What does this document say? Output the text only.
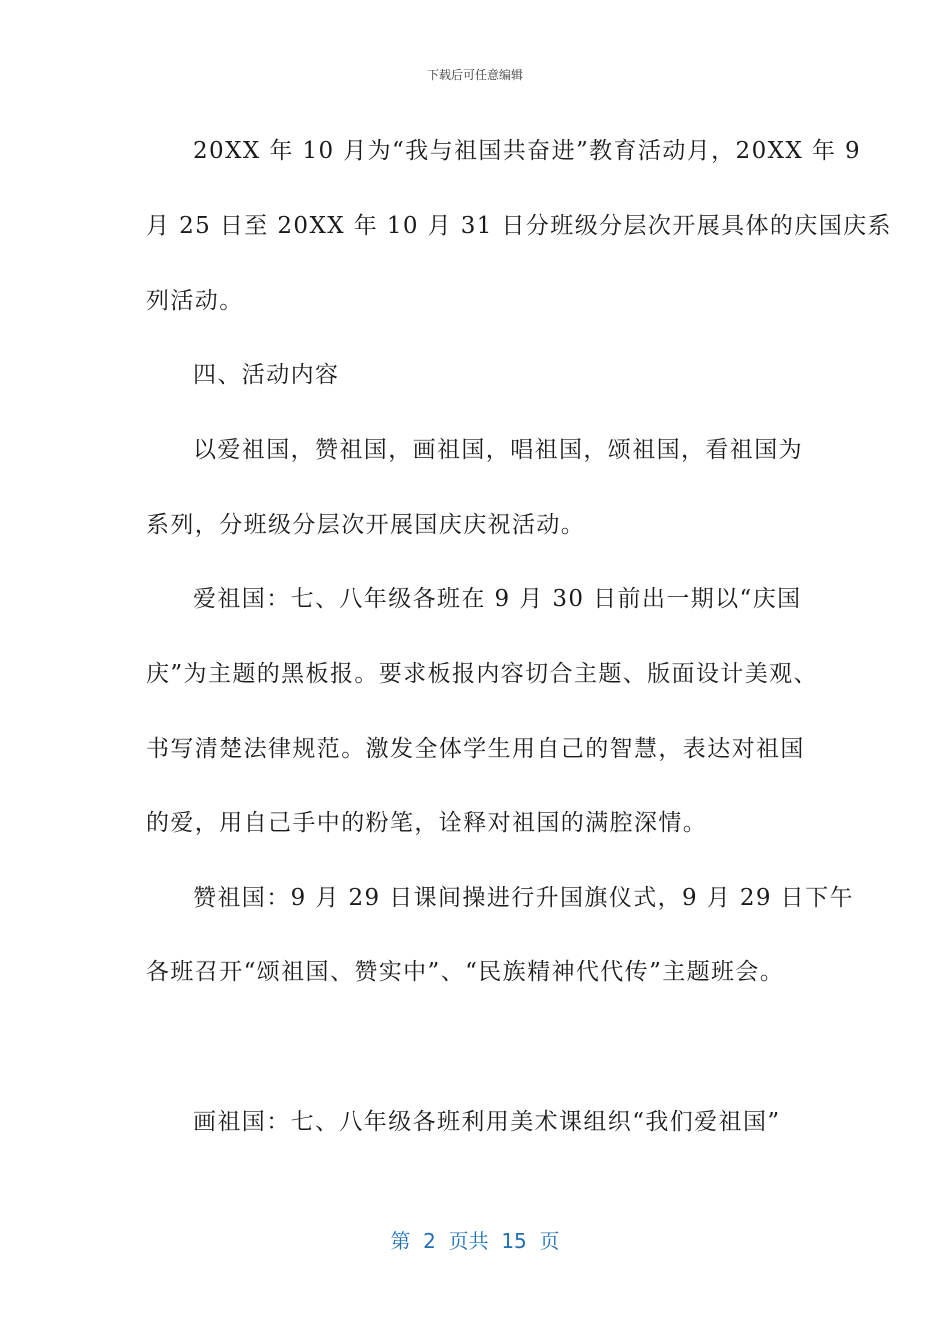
下载后可任意编辑
20XX 年 10 月为“我与祖国共奋进”教育活动月，20XX 年 9
月 25 日至 20XX 年 10 月 31 日分班级分层次开展具体的庆国庆系
列活动。
四、活动内容
以爱祖国，赞祖国，画祖国，唱祖国，颂祖国，看祖国为
系列，分班级分层次开展国庆庆祝活动。
爱祖国：七、八年级各班在 9 月 30 日前出一期以“庆国
庆”为主题的黑板报。要求板报内容切合主题、版面设计美观、
书写清楚法律规范。激发全体学生用自己的智慧，表达对祖国
的爱，用自己手中的粉笔，诠释对祖国的满腔深情。
赞祖国：9 月 29 日课间操进行升国旗仪式，9 月 29 日下午
各班召开“颂祖国、赞实中”、“民族精神代代传”主题班会。
画祖国：七、八年级各班利用美术课组织“我们爱祖国”
第  2  页共  15  页
